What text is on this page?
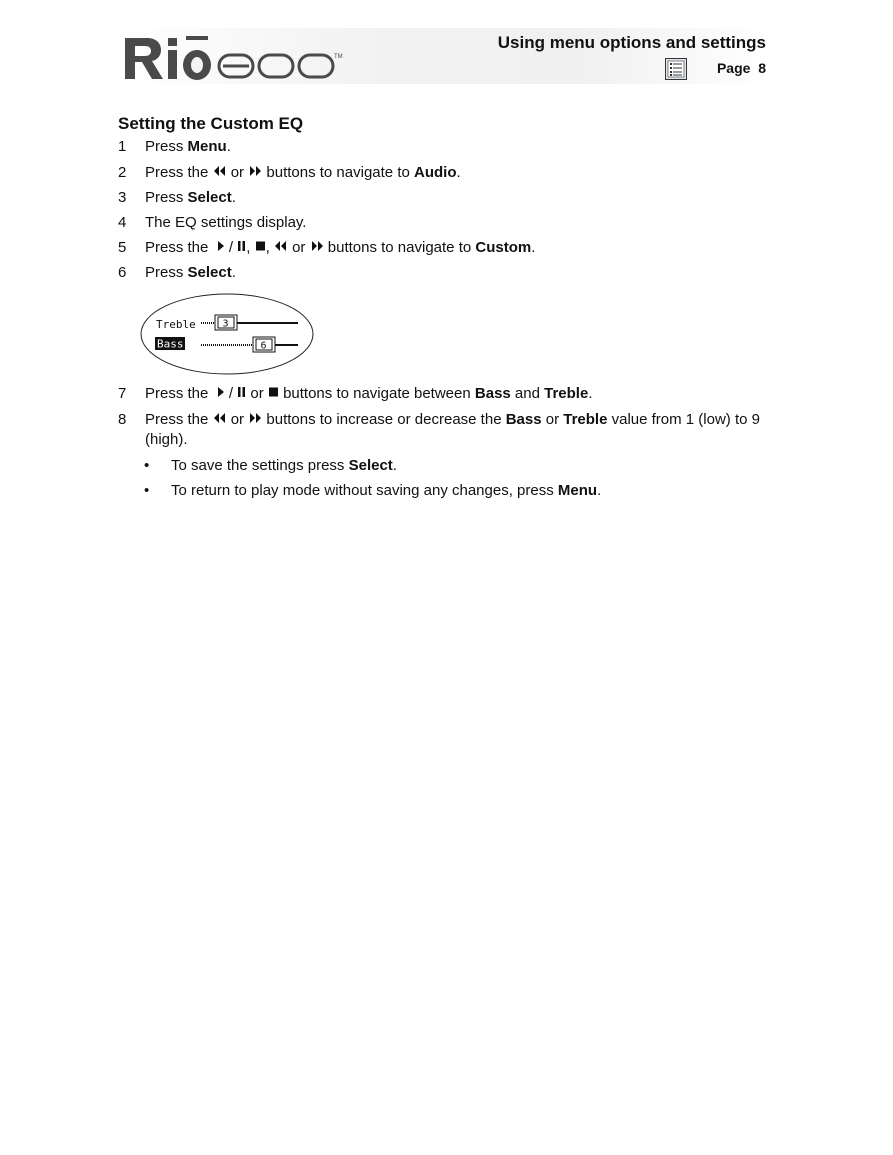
TM
Using menu options and settings
Page  8
Setting the Custom EQ
1 Press Menu.
2 Press the  or  buttons to navigate to Audio.
3 Press Select.
4 The EQ settings display.
5 Press the   / , ,  or  buttons to navigate to Custom.
6 Press Select.
Treble	3
Bass	6
7 Press the   /  or  buttons to navigate between Bass and Treble.
8 Press the  or  buttons to increase or decrease the Bass or Treble value from 1 (low) to 9 (high).
• To save the settings press Select.
• To return to play mode without saving any changes, press Menu.
